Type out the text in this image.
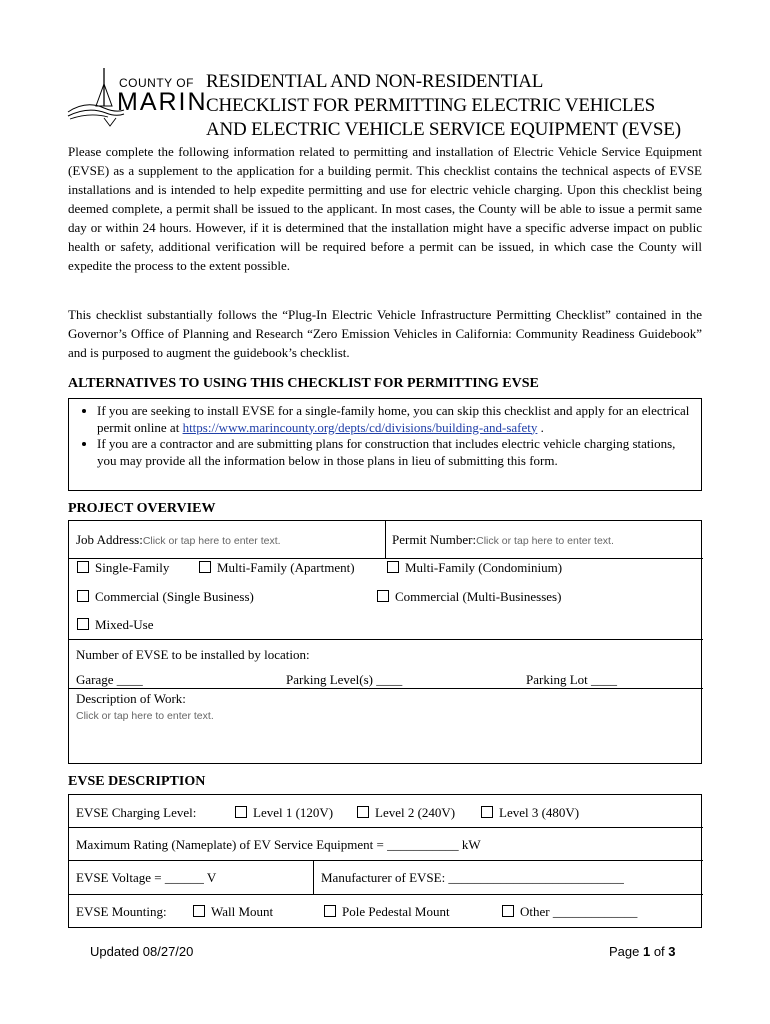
COUNTY OF
MARIN
RESIDENTIAL AND NON-RESIDENTIAL
CHECKLIST FOR PERMITTING ELECTRIC VEHICLES
AND ELECTRIC VEHICLE SERVICE EQUIPMENT (EVSE)
Please complete the following information related to permitting and installation of Electric Vehicle Service Equipment (EVSE) as a supplement to the application for a building permit. This checklist contains the technical aspects of EVSE installations and is intended to help expedite permitting and use for electric vehicle charging. Upon this checklist being deemed complete, a permit shall be issued to the applicant. In most cases, the County will be able to issue a permit same day or within 24 hours. However, if it is determined that the installation might have a specific adverse impact on public health or safety, additional verification will be required before a permit can be issued, in which case the County will expedite the process to the extent possible.
This checklist substantially follows the “Plug-In Electric Vehicle Infrastructure Permitting Checklist” contained in the Governor’s Office of Planning and Research “Zero Emission Vehicles in California: Community Readiness Guidebook” and is purposed to augment the guidebook’s checklist.
ALTERNATIVES TO USING THIS CHECKLIST FOR PERMITTING EVSE
• If you are seeking to install EVSE for a single-family home, you can skip this checklist and apply for an electrical permit online at https://www.marincounty.org/depts/cd/divisions/building-and-safety .
• If you are a contractor and are submitting plans for construction that includes electric vehicle charging stations, you may provide all the information below in those plans in lieu of submitting this form.
PROJECT OVERVIEW
Job Address:Click or tap here to enter text.	Permit Number:Click or tap here to enter text.
Single-Family	Multi-Family (Apartment)	Multi-Family (Condominium)
Commercial (Single Business)	Commercial (Multi-Businesses)
Mixed-Use
Number of EVSE to be installed by location:
Garage ____	Parking Level(s) ____	Parking Lot ____
Description of Work:
Click or tap here to enter text.
EVSE DESCRIPTION
EVSE Charging Level:	Level 1 (120V)	Level 2 (240V)	Level 3 (480V)
Maximum Rating (Nameplate) of EV Service Equipment = ___________ kW
EVSE Voltage = ______ V	Manufacturer of EVSE: ___________________________
EVSE Mounting:	Wall Mount	Pole Pedestal Mount	Other _____________
Updated 08/27/20	Page 1 of 3
